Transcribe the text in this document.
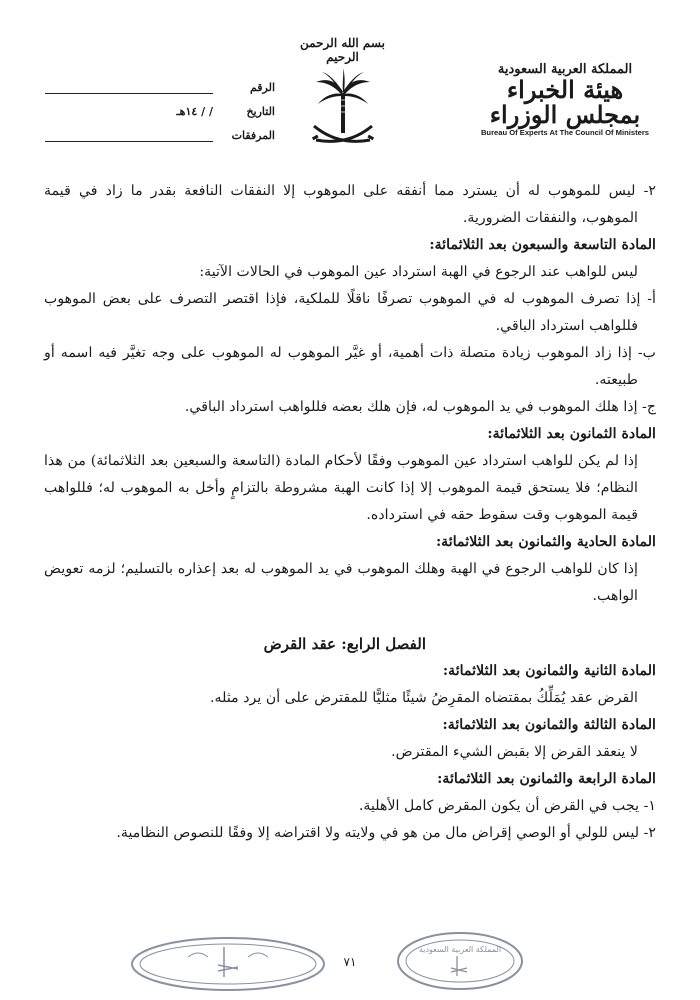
المملكة العربية السعودية
هيئة الخبراء بمجلس الوزراء
Bureau Of Experts At The Council Of Ministers
بسم الله الرحمن الرحيم
الرقم
التاريخ
/ / ١٤هـ
المرفقات

٢- ليس للموهوب له أن يسترد مما أنفقه على الموهوب إلا النفقات النافعة بقدر ما زاد في قيمة الموهوب، والنفقات الضرورية.

المادة التاسعة والسبعون بعد الثلاثمائة:

ليس للواهب عند الرجوع في الهبة استرداد عين الموهوب في الحالات الآتية:

أ- إذا تصرف الموهوب له في الموهوب تصرفًا ناقلًا للملكية، فإذا اقتصر التصرف على بعض الموهوب فللواهب استرداد الباقي.

ب- إذا زاد الموهوب زيادة متصلة ذات أهمية، أو غيَّر الموهوب له الموهوب على وجه تغيَّر فيه اسمه أو طبيعته.

ج- إذا هلك الموهوب في يد الموهوب له، فإن هلك بعضه فللواهب استرداد الباقي.

المادة الثمانون بعد الثلاثمائة:

إذا لم يكن للواهب استرداد عين الموهوب وفقًا لأحكام المادة (التاسعة والسبعين بعد الثلاثمائة) من هذا النظام؛ فلا يستحق قيمة الموهوب إلا إذا كانت الهبة مشروطة بالتزامٍ وأخل به الموهوب له؛ فللواهب قيمة الموهوب وقت سقوط حقه في استرداده.

المادة الحادية والثمانون بعد الثلاثمائة:

إذا كان للواهب الرجوع في الهبة وهلك الموهوب في يد الموهوب له بعد إعذاره بالتسليم؛ لزمه تعويض الواهب.

الفصل الرابع: عقد القرض

المادة الثانية والثمانون بعد الثلاثمائة:

القرض عقد يُمَلِّكُ بمقتضاه المقرِضُ شيئًا مثليًّا للمقترض على أن يرد مثله.

المادة الثالثة والثمانون بعد الثلاثمائة:

لا ينعقد القرض إلا بقبض الشيء المقترض.

المادة الرابعة والثمانون بعد الثلاثمائة:

١- يجب في القرض أن يكون المقرض كامل الأهلية.

٢- ليس للولي أو الوصي إقراض مال من هو في ولايته ولا اقتراضه إلا وفقًا للنصوص النظامية.

المملكة العربية السعودية
٧١
